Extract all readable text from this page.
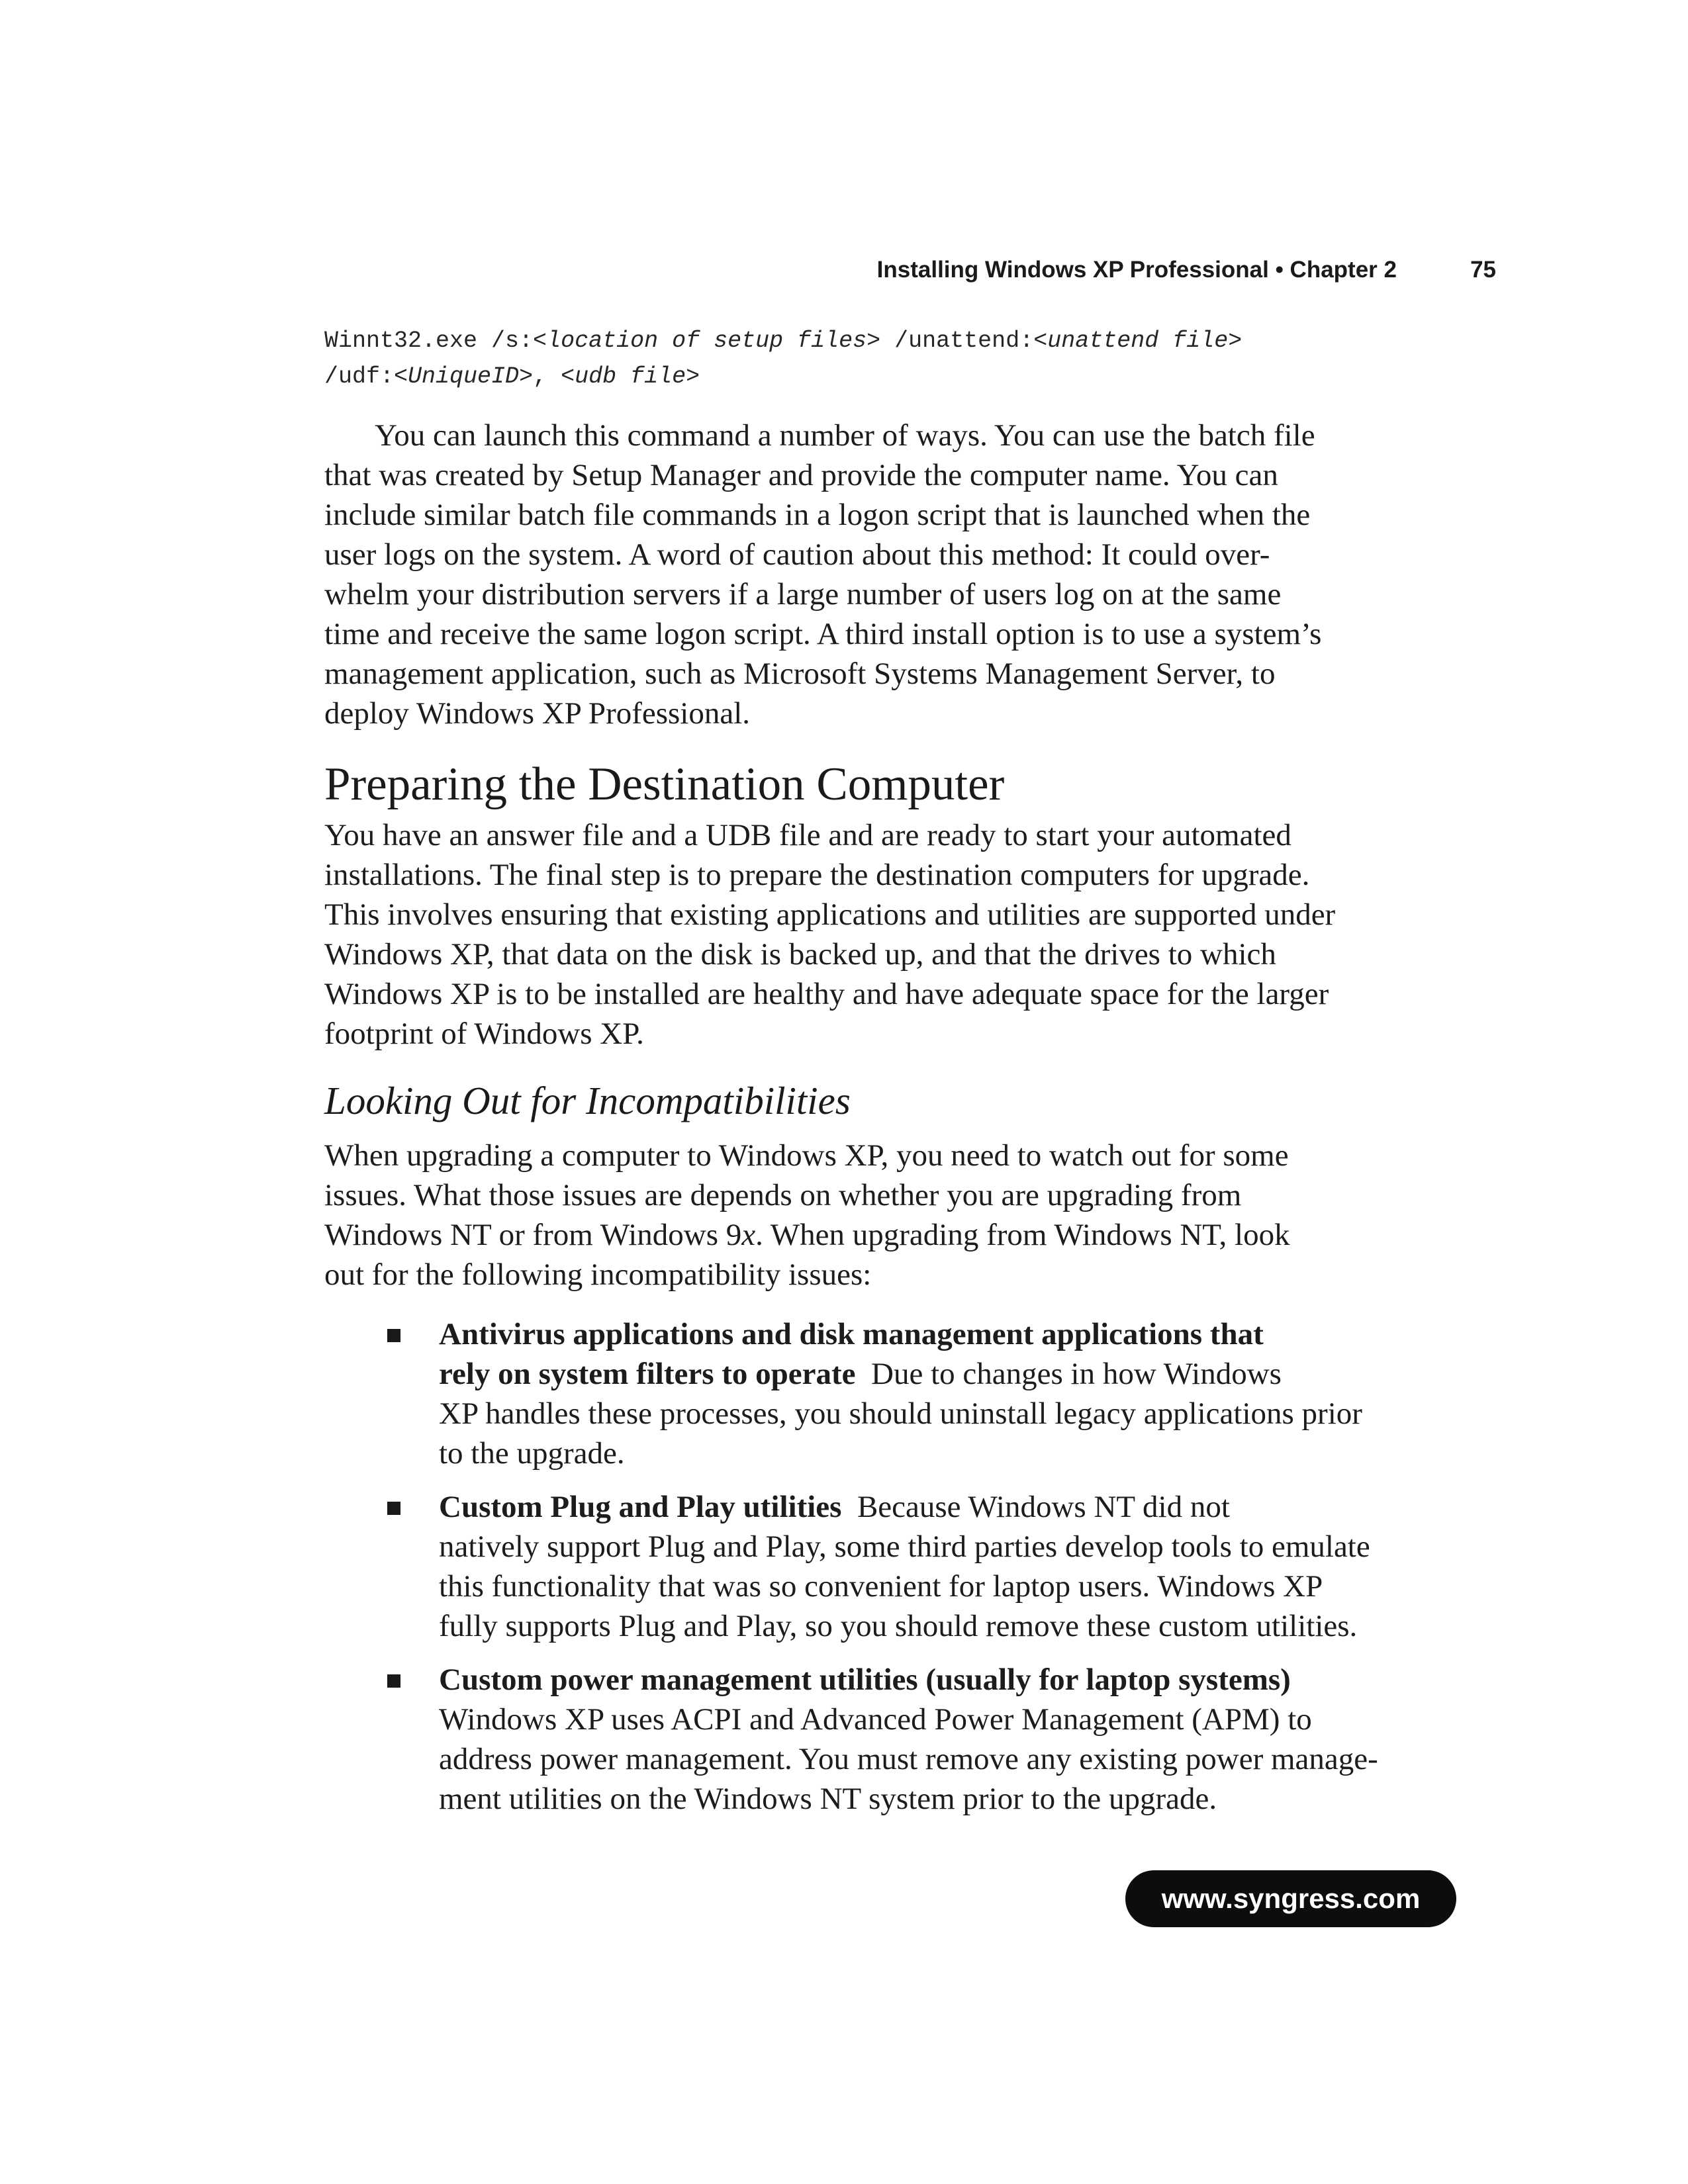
Installing Windows XP Professional • Chapter 2	75
Winnt32.exe /s:<location of setup files> /unattend:<unattend file>
/udf:<UniqueID>, <udb file>
You can launch this command a number of ways. You can use the batch file
that was created by Setup Manager and provide the computer name. You can
include similar batch file commands in a logon script that is launched when the
user logs on the system. A word of caution about this method: It could over-
whelm your distribution servers if a large number of users log on at the same
time and receive the same logon script. A third install option is to use a system’s
management application, such as Microsoft Systems Management Server, to
deploy Windows XP Professional.
Preparing the Destination Computer
You have an answer file and a UDB file and are ready to start your automated
installations. The final step is to prepare the destination computers for upgrade.
This involves ensuring that existing applications and utilities are supported under
Windows XP, that data on the disk is backed up, and that the drives to which
Windows XP is to be installed are healthy and have adequate space for the larger
footprint of Windows XP.
Looking Out for Incompatibilities
When upgrading a computer to Windows XP, you need to watch out for some
issues. What those issues are depends on whether you are upgrading from
Windows NT or from Windows 9x. When upgrading from Windows NT, look
out for the following incompatibility issues:
Antivirus applications and disk management applications that
rely on system filters to operate Due to changes in how Windows
XP handles these processes, you should uninstall legacy applications prior
to the upgrade.
Custom Plug and Play utilities Because Windows NT did not
natively support Plug and Play, some third parties develop tools to emulate
this functionality that was so convenient for laptop users. Windows XP
fully supports Plug and Play, so you should remove these custom utilities.
Custom power management utilities (usually for laptop systems)
Windows XP uses ACPI and Advanced Power Management (APM) to
address power management. You must remove any existing power manage-
ment utilities on the Windows NT system prior to the upgrade.
www.syngress.com
